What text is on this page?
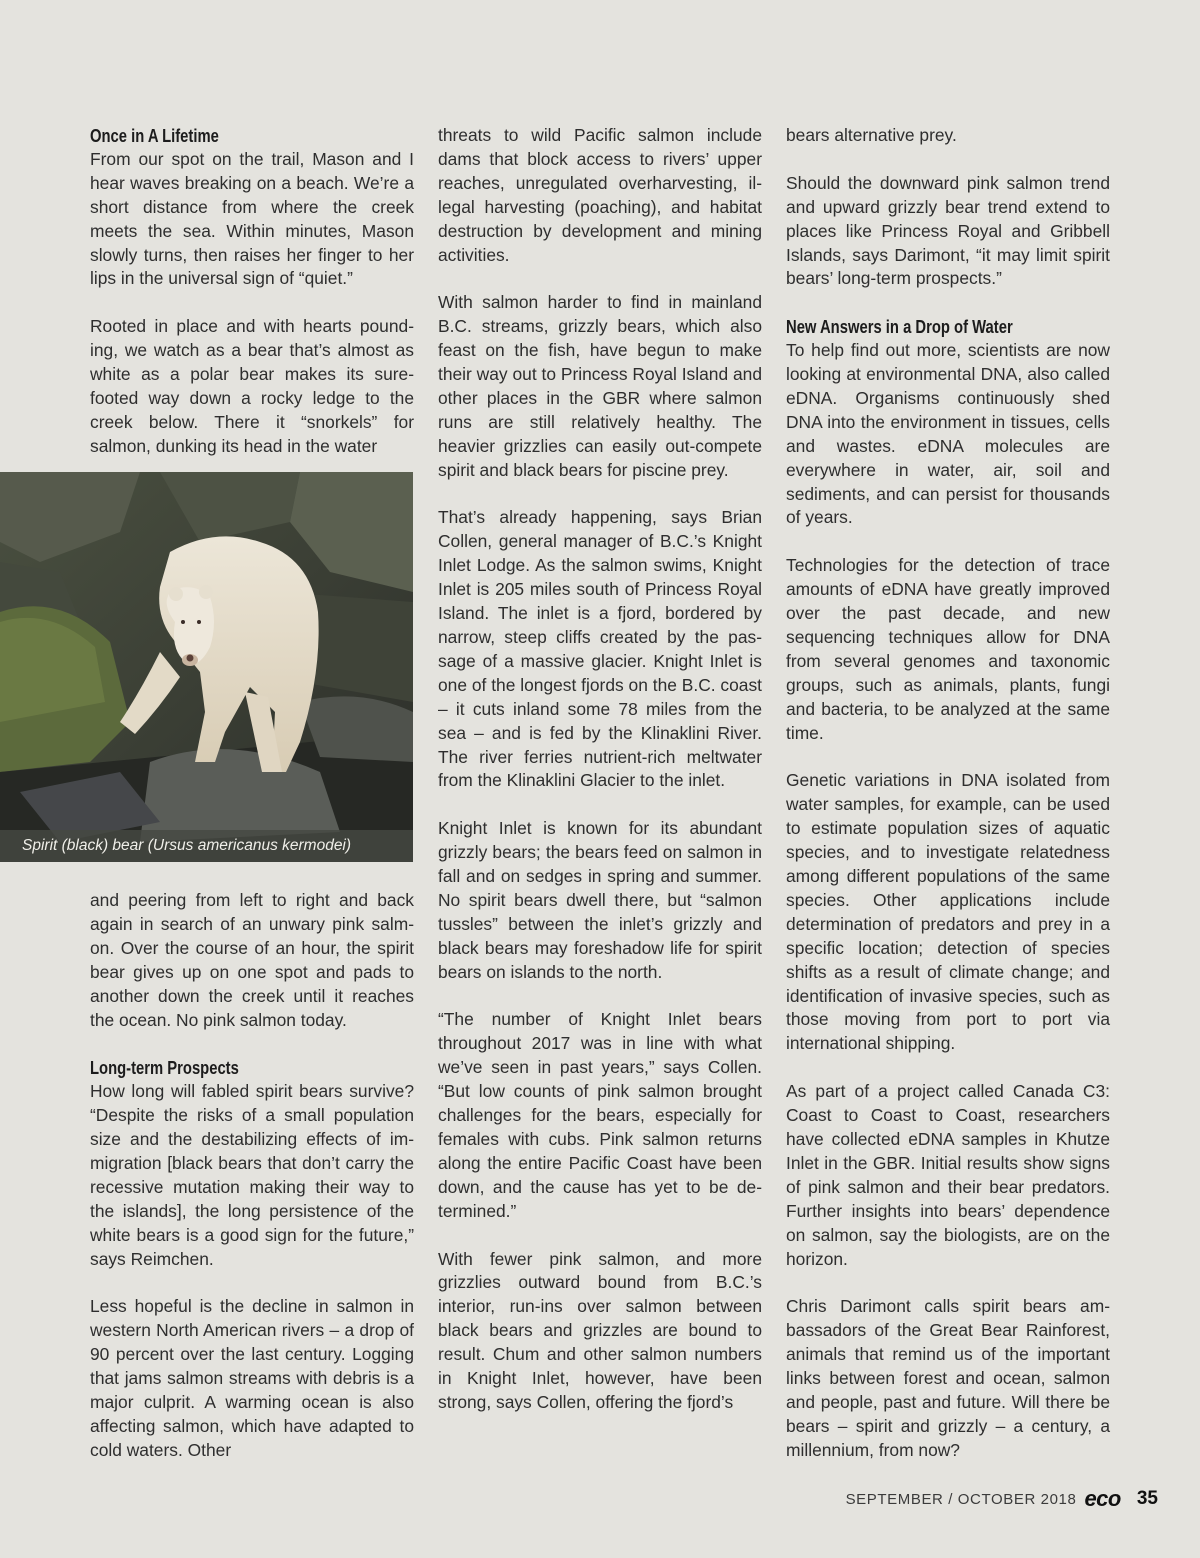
Once in A Lifetime

From our spot on the trail, Mason and I hear waves breaking on a beach. We’re a short distance from where the creek meets the sea. Within minutes, Mason slowly turns, then raises her finger to her lips in the universal sign of “quiet.”

Rooted in place and with hearts pounding, we watch as a bear that’s almost as white as a polar bear makes its sure-footed way down a rocky ledge to the creek below. There it “snorkels” for salmon, dunking its head in the water

Spirit (black) bear (Ursus americanus kermodei)

and peering from left to right and back again in search of an unwary pink salmon. Over the course of an hour, the spirit bear gives up on one spot and pads to another down the creek until it reaches the ocean. No pink salmon today.

Long-term Prospects

How long will fabled spirit bears survive? “Despite the risks of a small population size and the destabilizing effects of immigration [black bears that don’t carry the recessive mutation making their way to the islands], the long persistence of the white bears is a good sign for the future,” says Reimchen.

Less hopeful is the decline in salmon in western North American rivers – a drop of 90 percent over the last century. Logging that jams salmon streams with debris is a major culprit. A warming ocean is also affecting salmon, which have adapted to cold waters. Other

threats to wild Pacific salmon include dams that block access to rivers’ upper reaches, unregulated overharvesting, illegal harvesting (poaching), and habitat destruction by development and mining activities.

With salmon harder to find in mainland B.C. streams, grizzly bears, which also feast on the fish, have begun to make their way out to Princess Royal Island and other places in the GBR where salmon runs are still relatively healthy. The heavier grizzlies can easily out-compete spirit and black bears for piscine prey.

That’s already happening, says Brian Collen, general manager of B.C.’s Knight Inlet Lodge. As the salmon swims, Knight Inlet is 205 miles south of Princess Royal Island. The inlet is a fjord, bordered by narrow, steep cliffs created by the passage of a massive glacier. Knight Inlet is one of the longest fjords on the B.C. coast – it cuts inland some 78 miles from the sea – and is fed by the Klinaklini River. The river ferries nutrient-rich meltwater from the Klinaklini Glacier to the inlet.

Knight Inlet is known for its abundant grizzly bears; the bears feed on salmon in fall and on sedges in spring and summer. No spirit bears dwell there, but “salmon tussles” between the inlet’s grizzly and black bears may foreshadow life for spirit bears on islands to the north.

“The number of Knight Inlet bears throughout 2017 was in line with what we’ve seen in past years,” says Collen. “But low counts of pink salmon brought challenges for the bears, especially for females with cubs. Pink salmon returns along the entire Pacific Coast have been down, and the cause has yet to be determined.”

With fewer pink salmon, and more grizzlies outward bound from B.C.’s interior, run-ins over salmon between black bears and grizzles are bound to result. Chum and other salmon numbers in Knight Inlet, however, have been strong, says Collen, offering the fjord’s

bears alternative prey.

Should the downward pink salmon trend and upward grizzly bear trend extend to places like Princess Royal and Gribbell Islands, says Darimont, “it may limit spirit bears’ long-term prospects.”

New Answers in a Drop of Water

To help find out more, scientists are now looking at environmental DNA, also called eDNA. Organisms continuously shed DNA into the environment in tissues, cells and wastes. eDNA molecules are everywhere in water, air, soil and sediments, and can persist for thousands of years.

Technologies for the detection of trace amounts of eDNA have greatly improved over the past decade, and new sequencing techniques allow for DNA from several genomes and taxonomic groups, such as animals, plants, fungi and bacteria, to be analyzed at the same time.

Genetic variations in DNA isolated from water samples, for example, can be used to estimate population sizes of aquatic species, and to investigate relatedness among different populations of the same species. Other applications include determination of predators and prey in a specific location; detection of species shifts as a result of climate change; and identification of invasive species, such as those moving from port to port via international shipping.

As part of a project called Canada C3: Coast to Coast to Coast, researchers have collected eDNA samples in Khutze Inlet in the GBR. Initial results show signs of pink salmon and their bear predators. Further insights into bears’ dependence on salmon, say the biologists, are on the horizon.

Chris Darimont calls spirit bears ambassadors of the Great Bear Rainforest, animals that remind us of the important links between forest and ocean, salmon and people, past and future. Will there be bears – spirit and grizzly – a century, a millennium, from now?

SEPTEMBER / OCTOBER 2018 eco 35
